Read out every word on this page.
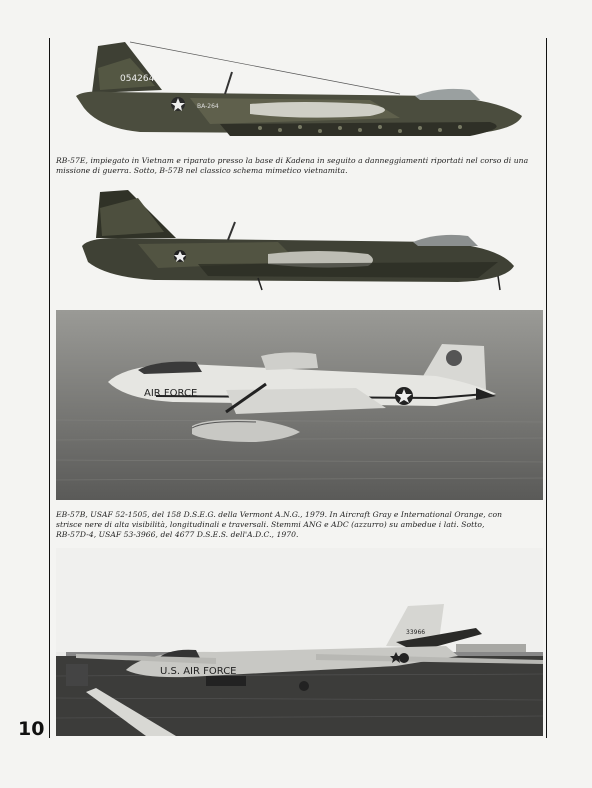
054264
BA-264
RB-57E, impiegato in Vietnam e riparato presso la base di Kadena in seguito a danneggiamenti riportati nel corso di una
missione di guerra. Sotto, B-57B nel classico schema mimetico vietnamita.
AIR FORCE
EB-57B, USAF 52-1505, del 158 D.S.E.G. della Vermont A.N.G., 1979. In Aircraft Gray e International Orange, con
strisce nere di alta visibilità, longitudinali e traversali. Stemmi ANG e ADC (azzurro) su ambedue i lati. Sotto,
RB-57D-4, USAF 53-3966, del 4677 D.S.E.S. dell'A.D.C., 1970.
U.S. AIR FORCE
33966
10
